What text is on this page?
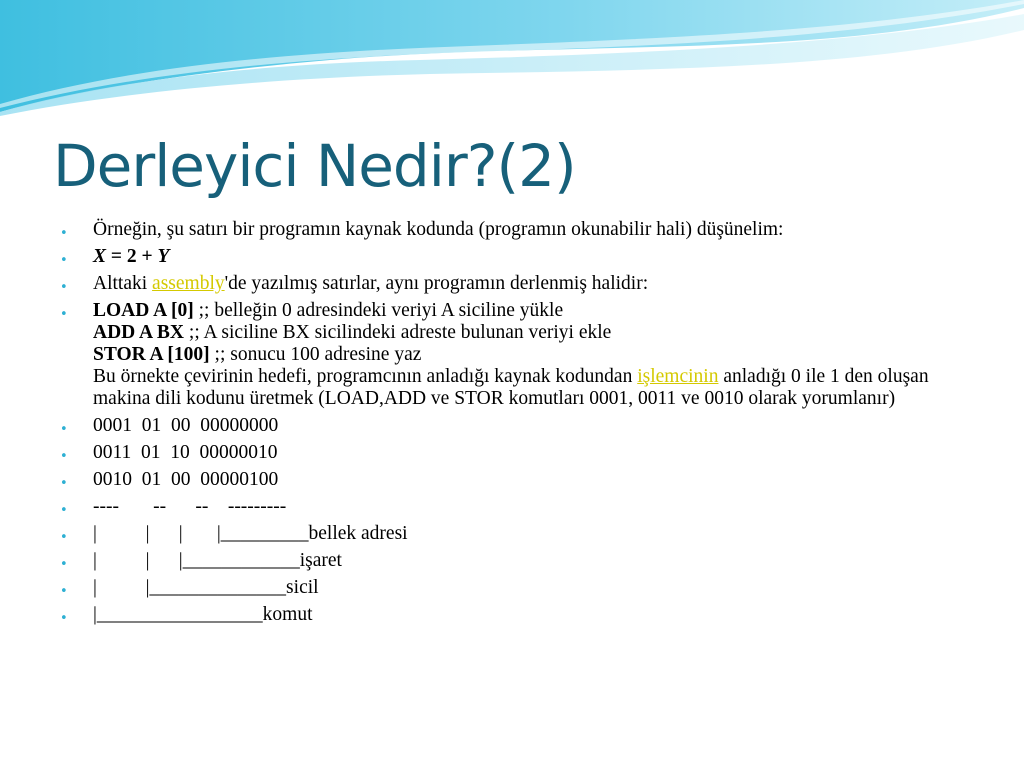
Derleyici Nedir?(2)
• Örneğin, şu satırı bir programın kaynak kodunda (programın okunabilir hali) düşünelim:
• X = 2 + Y
• Alttaki assembly'de yazılmış satırlar, aynı programın derlenmiş halidir:
• LOAD A [0] ;; belleğin 0 adresindeki veriyi A siciline yükle
ADD A BX ;; A siciline BX sicilindeki adreste bulunan veriyi ekle
STOR A [100] ;; sonucu 100 adresine yaz
Bu örnekte çevirinin hedefi, programcının anladığı kaynak kodundan işlemcinin anladığı 0 ile 1 den oluşan makina dili kodunu üretmek (LOAD,ADD ve STOR komutları 0001, 0011 ve 0010 olarak yorumlanır)
• 0001  01  00  00000000
• 0011  01  10  00000010
• 0010  01  00  00000100
• ----       --      --    ---------
• |          |      |       |_________bellek adresi
• |          |      |____________işaret
• |          |______________sicil
• |_________________komut
